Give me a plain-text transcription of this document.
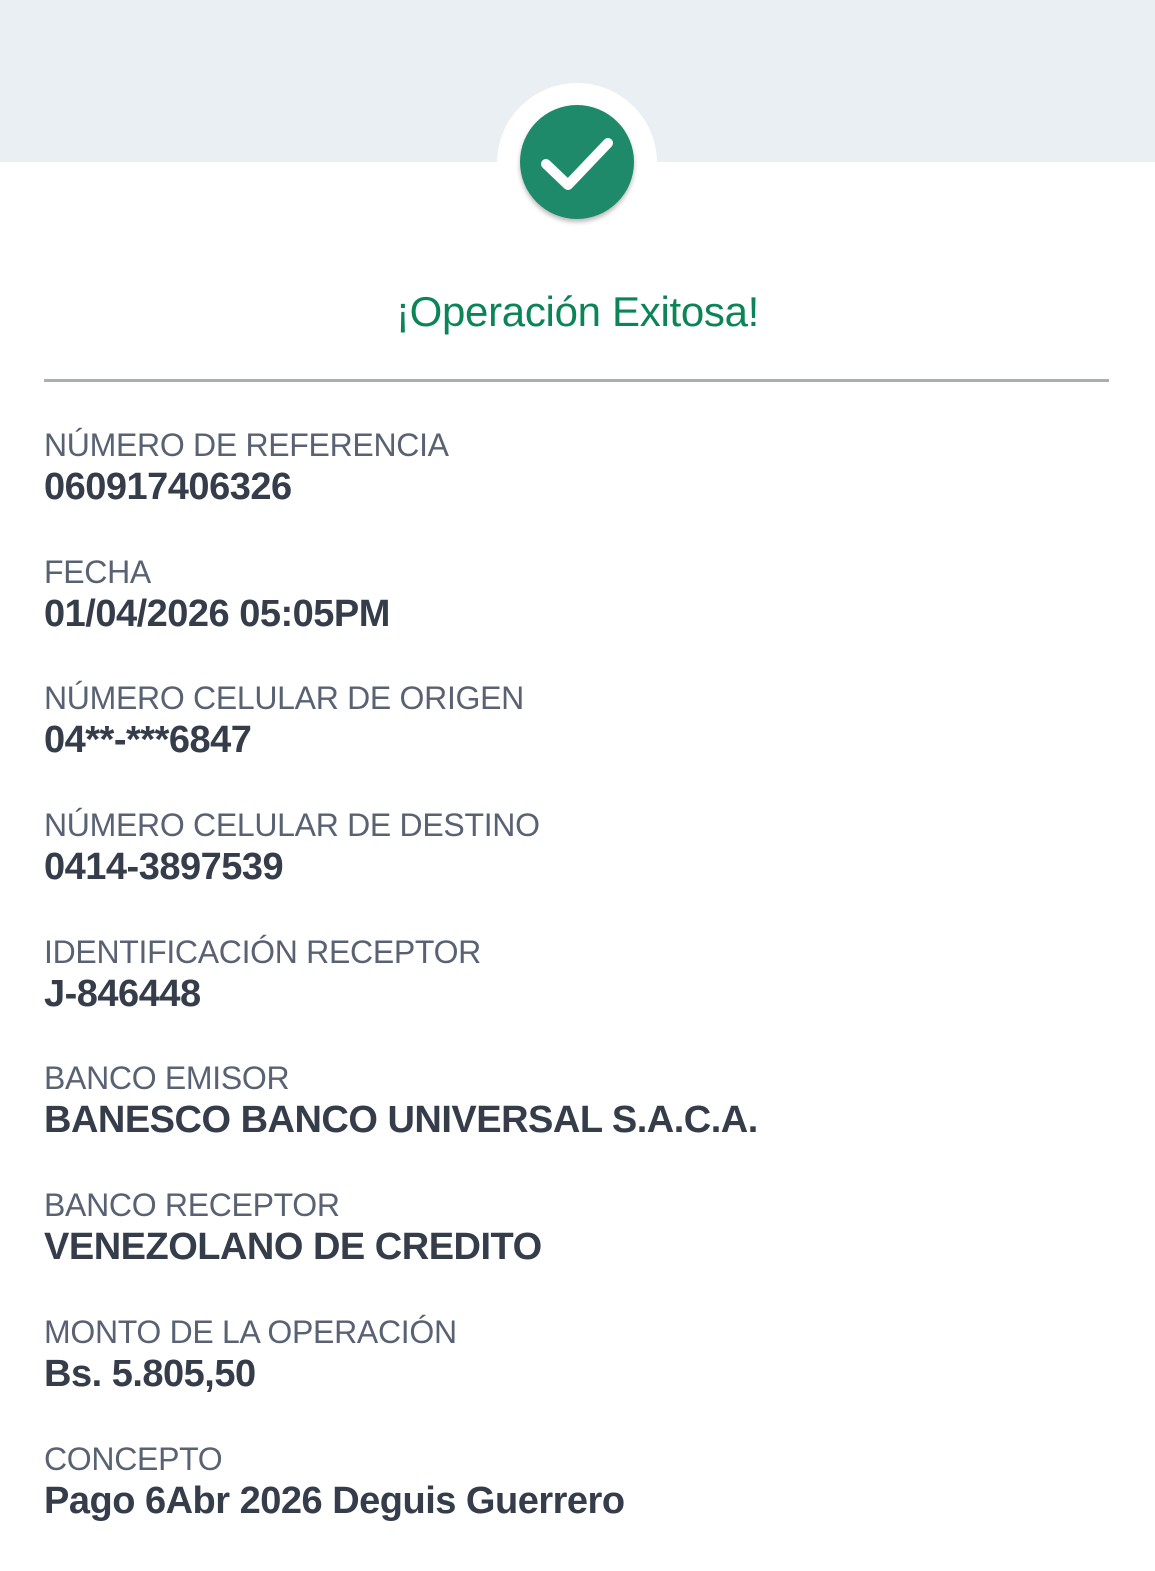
¡Operación Exitosa!
NÚMERO DE REFERENCIA
060917406326
FECHA
01/04/2026 05:05PM
NÚMERO CELULAR DE ORIGEN
04**-***6847
NÚMERO CELULAR DE DESTINO
0414-3897539
IDENTIFICACIÓN RECEPTOR
J-846448
BANCO EMISOR
BANESCO BANCO UNIVERSAL S.A.C.A.
BANCO RECEPTOR
VENEZOLANO DE CREDITO
MONTO DE LA OPERACIÓN
Bs. 5.805,50
CONCEPTO
Pago 6Abr 2026 Deguis Guerrero
